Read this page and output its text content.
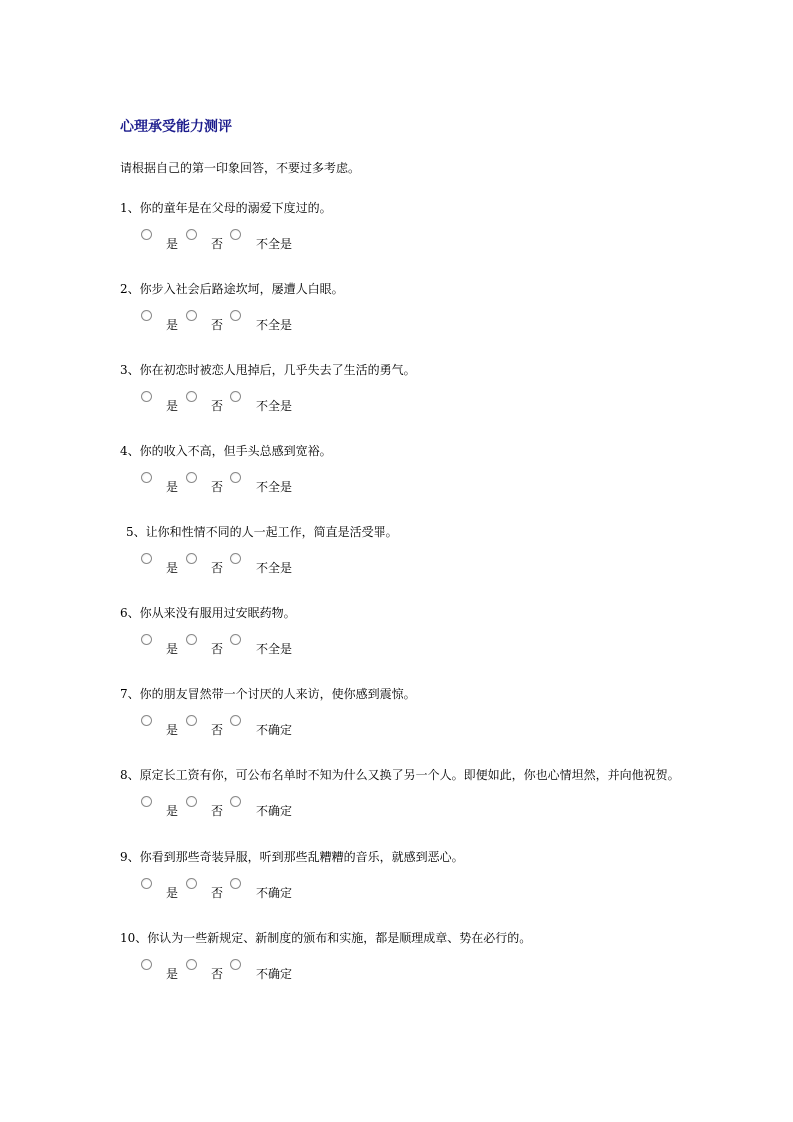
心理承受能力测评
请根据自己的第一印象回答，不要过多考虑。
1、你的童年是在父母的溺爱下度过的。
是	否	不全是
2、你步入社会后路途坎坷，屡遭人白眼。
是	否	不全是
3、你在初恋时被恋人甩掉后，几乎失去了生活的勇气。
是	否	不全是
4、你的收入不高，但手头总感到宽裕。
是	否	不全是
5、让你和性情不同的人一起工作，简直是活受罪。
是	否	不全是
6、你从来没有服用过安眠药物。
是	否	不全是
7、你的朋友冒然带一个讨厌的人来访，使你感到震惊。
是	否	不确定
8、原定长工资有你，可公布名单时不知为什么又换了另一个人。即便如此，你也心情坦然，并向他祝贺。
是	否	不确定
9、你看到那些奇装异服，听到那些乱糟糟的音乐，就感到恶心。
是	否	不确定
10、你认为一些新规定、新制度的颁布和实施，都是顺理成章、势在必行的。
是	否	不确定
